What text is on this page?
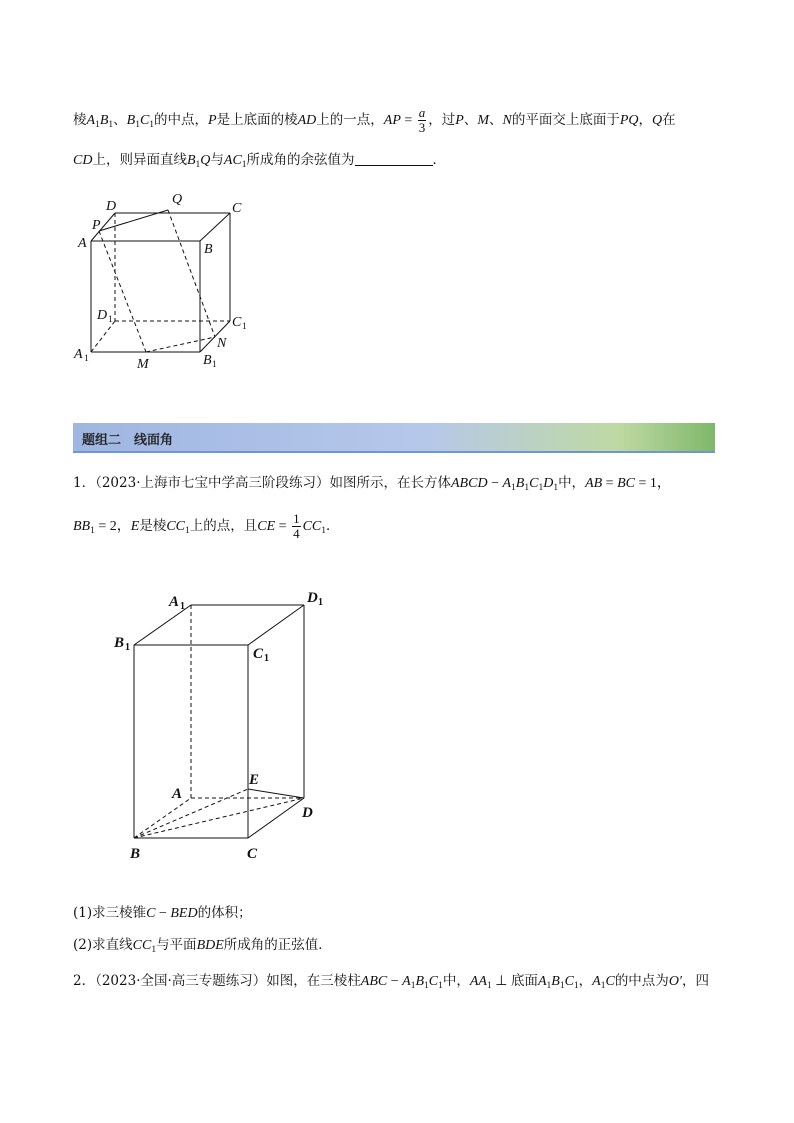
棱$A_1B_1$、$B_1C_1$的中点，P是上底面的棱AD上的一点，AP = $\frac{a}{3}$ ，过P、M、N的平面交上底面于PQ，Q在
CD上，则异面直线$B_1Q$与$AC_1$所成角的余弦值为	．
D	Q
C
P
A	B
D	C
A	B
M
N
1
1
1
1
题组二　线面角
1．（2023·上海市七宝中学高三阶段练习）如图所示，在长方体ABCD − $A_1B_1C_1D_1$中，AB = BC = 1，
$BB_1 = 2$，E是棱$CC_1$上的点，且CE = $\frac{1}{4} CC_1$．
A	D
B
C
E
A
D
B	C
1	1
1
1
(1)求三棱锥C − BED的体积；
(2)求直线$CC_1$与平面BDE所成角的正弦值．
2．（2023·全国·高三专题练习）如图，在三棱柱ABC − $A_1B_1C_1$中，$AA_1$ ⊥ 底面$A_1B_1C_1$，$A_1C$的中点为O′，四
